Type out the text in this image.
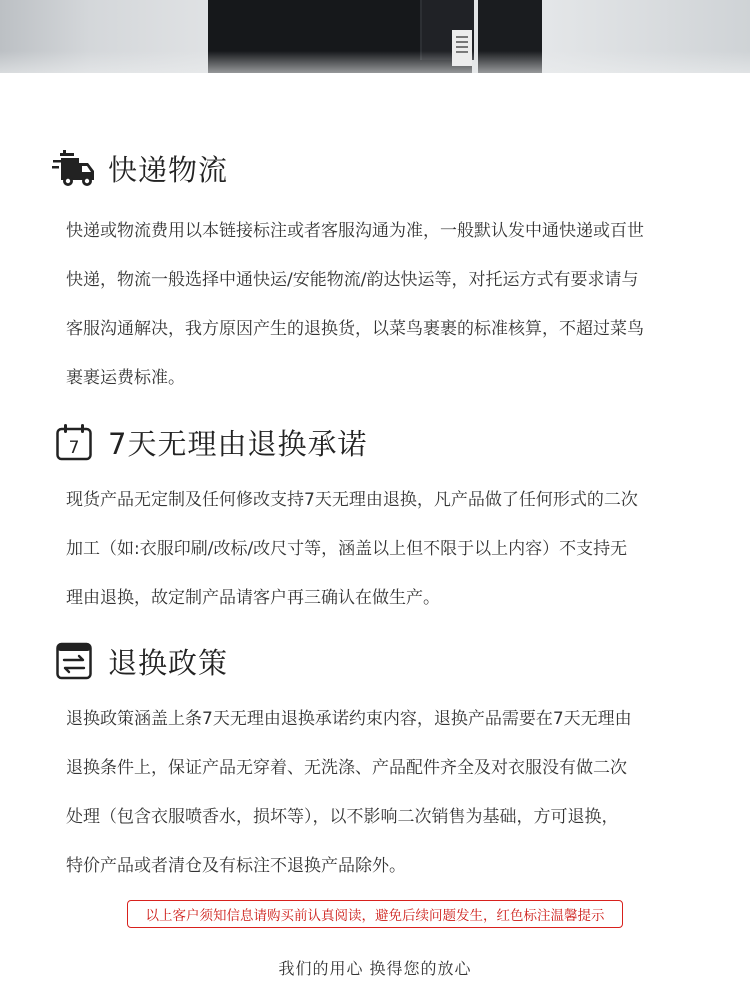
快递物流

快递或物流费用以本链接标注或者客服沟通为准，一般默认发中通快递或百世

快递，物流一般选择中通快运/安能物流/韵达快运等，对托运方式有要求请与

客服沟通解决，我方原因产生的退换货，以菜鸟裹裹的标准核算，不超过菜鸟

裹裹运费标准。

7 7天无理由退换承诺

现货产品无定制及任何修改支持7天无理由退换，凡产品做了任何形式的二次

加工（如:衣服印刷/改标/改尺寸等，涵盖以上但不限于以上内容）不支持无

理由退换，故定制产品请客户再三确认在做生产。

退换政策

退换政策涵盖上条7天无理由退换承诺约束内容，退换产品需要在7天无理由

退换条件上，保证产品无穿着、无洗涤、产品配件齐全及对衣服没有做二次

处理（包含衣服喷香水，损坏等），以不影响二次销售为基础，方可退换，

特价产品或者清仓及有标注不退换产品除外。

以上客户须知信息请购买前认真阅读，避免后续问题发生，红色标注温馨提示
我们的用心 换得您的放心
